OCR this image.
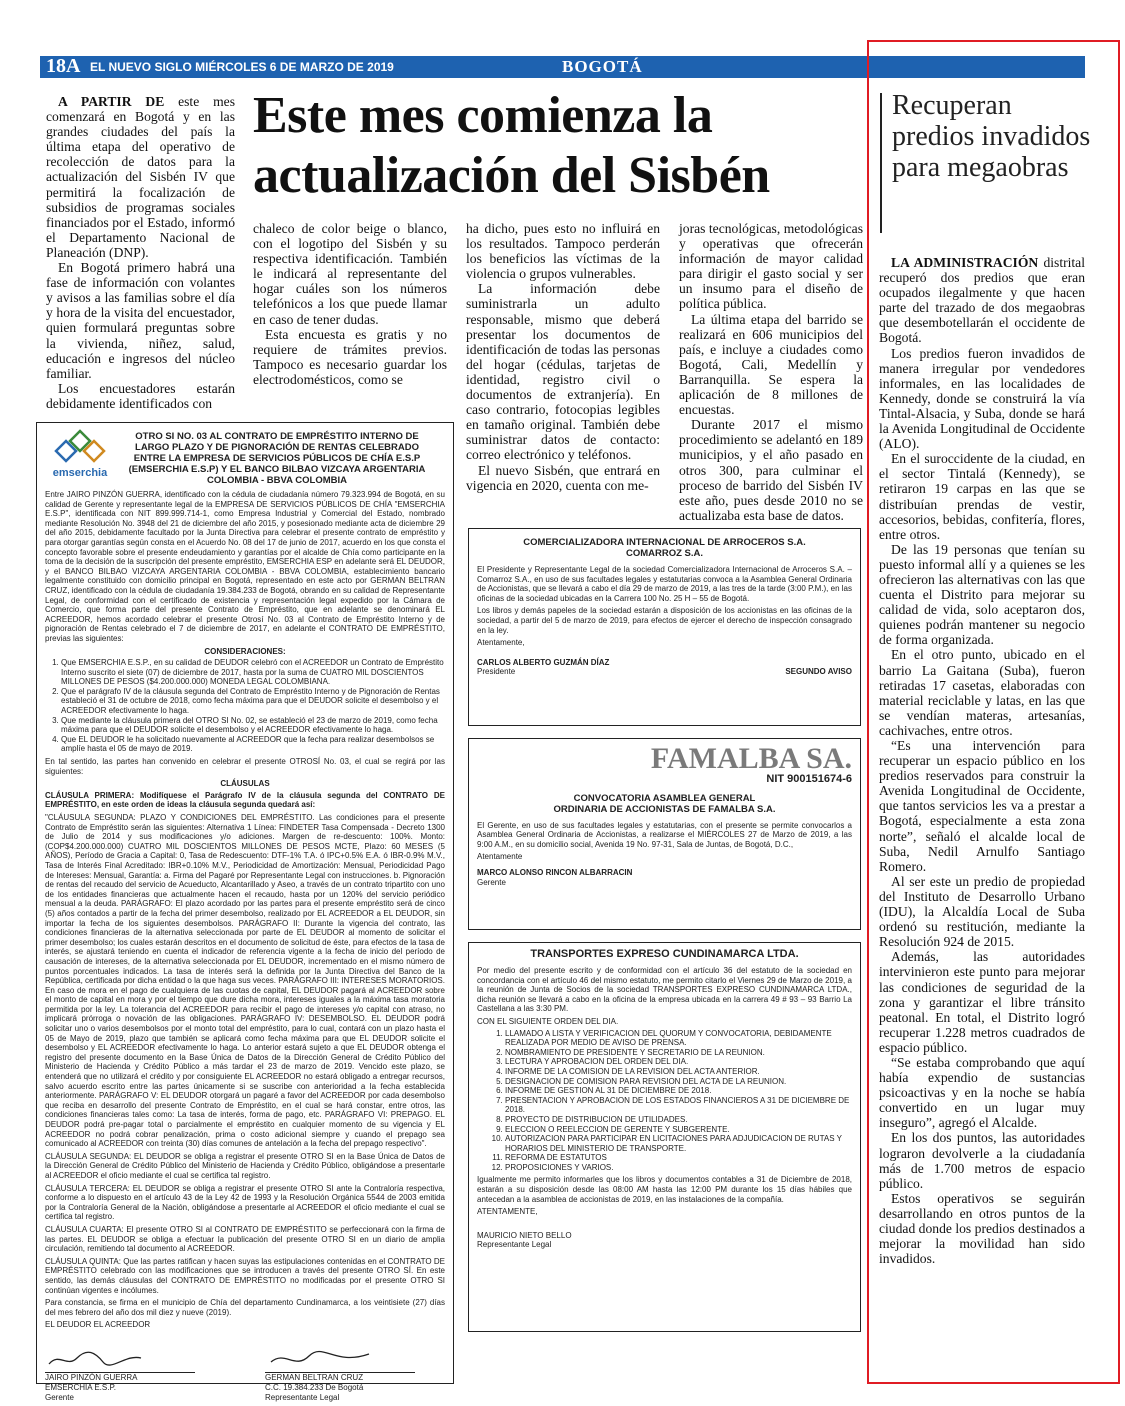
18A EL NUEVO SIGLO MIÉRCOLES 6 DE MARZO DE 2019	BOGOTÁ

A PARTIR DE este mes comenzará en Bogotá y en las grandes ciudades del país la última etapa del operativo de recolección de datos para la actualización del Sisbén IV que permitirá la focalización de subsidios de programas sociales financiados por el Estado, informó el Departamento Nacional de Planeación (DNP).

En Bogotá primero habrá una fase de información con volantes y avisos a las familias sobre el día y hora de la visita del encuestador, quien formulará preguntas sobre la vivienda, niñez, salud, educación e ingresos del núcleo familiar.

Los encuestadores estarán debidamente identificados con

Este mes comienza la actualización del Sisbén

chaleco de color beige o blanco, con el logotipo del Sisbén y su respectiva identificación. También le indicará al representante del hogar cuáles son los números telefónicos a los que puede llamar en caso de tener dudas.

Esta encuesta es gratis y no requiere de trámites previos. Tampoco es necesario guardar los electrodomésticos, como se

ha dicho, pues esto no influirá en los resultados. Tampoco perderán los beneficios las víctimas de la violencia o grupos vulnerables.

La información debe suministrarla un adulto responsable, mismo que deberá presentar los documentos de identificación de todas las personas del hogar (cédulas, tarjetas de identidad, registro civil o documentos de extranjería). En caso contrario, fotocopias legibles en tamaño original. También debe suministrar datos de contacto: correo electrónico y teléfonos.

El nuevo Sisbén, que entrará en vigencia en 2020, cuenta con me-

joras tecnológicas, metodológicas y operativas que ofrecerán información de mayor calidad para dirigir el gasto social y ser un insumo para el diseño de política pública.

La última etapa del barrido se realizará en 606 municipios del país, e incluye a ciudades como Bogotá, Cali, Medellín y Barranquilla. Se espera la aplicación de 8 millones de encuestas.

Durante 2017 el mismo procedimiento se adelantó en 189 municipios, y el año pasado en otros 300, para culminar el proceso de barrido del Sisbén IV este año, pues desde 2010 no se actualizaba esta base de datos.

emserchia
OTRO SI NO. 03 AL CONTRATO DE EMPRÉSTITO INTERNO DE LARGO PLAZO Y DE PIGNORACIÓN DE RENTAS CELEBRADO ENTRE LA EMPRESA DE SERVICIOS PÚBLICOS DE CHÍA E.S.P (EMSERCHIA E.S.P) Y EL BANCO BILBAO VIZCAYA ARGENTARIA COLOMBIA - BBVA COLOMBIA

Entre JAIRO PINZÓN GUERRA, identificado con la cédula de ciudadanía número 79.323.994 de Bogotá, en su calidad de Gerente y representante legal de la EMPRESA DE SERVICIOS PÚBLICOS DE CHÍA "EMSERCHIA E.S.P", identificada con NIT 899.999.714-1, como Empresa Industrial y Comercial del Estado, nombrado mediante Resolución No. 3948 del 21 de diciembre del año 2015, y posesionado mediante acta de diciembre 29 del año 2015, debidamente facultado por la Junta Directiva para celebrar el presente contrato de empréstito y para otorgar garantías según consta en el Acuerdo No. 08 del 17 de junio de 2017, acuerdo en los que consta el concepto favorable sobre el presente endeudamiento y garantías por el alcalde de Chía como participante en la toma de la decisión de la suscripción del presente empréstito, EMSERCHIA ESP en adelante será EL DEUDOR, y el BANCO BILBAO VIZCAYA ARGENTARIA COLOMBIA - BBVA COLOMBIA, establecimiento bancario legalmente constituido con domicilio principal en Bogotá, representado en este acto por GERMAN BELTRAN CRUZ, identificado con la cédula de ciudadanía 19.384.233 de Bogotá, obrando en su calidad de Representante Legal, de conformidad con el certificado de existencia y representación legal expedido por la Cámara de Comercio, que forma parte del presente Contrato de Empréstito, que en adelante se denominará EL ACREEDOR, hemos acordado celebrar el presente Otrosí No. 03 al Contrato de Empréstito Interno y de pignoración de Rentas celebrado el 7 de diciembre de 2017, en adelante el CONTRATO DE EMPRÉSTITO, previas las siguientes:

CONSIDERACIONES:
1. Que EMSERCHIA E.S.P., en su calidad de DEUDOR celebró con el ACREEDOR un Contrato de Empréstito Interno suscrito el siete (07) de diciembre de 2017, hasta por la suma de CUATRO MIL DOSCIENTOS MILLONES DE PESOS ($4.200.000.000) MONEDA LEGAL COLOMBIANA.
2. Que el parágrafo IV de la cláusula segunda del Contrato de Empréstito Interno y de Pignoración de Rentas estableció el 31 de octubre de 2018, como fecha máxima para que el DEUDOR solicite el desembolso y el ACREEDOR efectivamente lo haga.
3. Que mediante la cláusula primera del OTRO SI No. 02, se estableció el 23 de marzo de 2019, como fecha máxima para que el DEUDOR solicite el desembolso y el ACREEDOR efectivamente lo haga.
4. Que EL DEUDOR le ha solicitado nuevamente al ACREEDOR que la fecha para realizar desembolsos se amplíe hasta el 05 de mayo de 2019.

En tal sentido, las partes han convenido en celebrar el presente OTROSÍ No. 03, el cual se regirá por las siguientes:

CLÁUSULAS

CLÁUSULA PRIMERA: Modifíquese el Parágrafo IV de la cláusula segunda del CONTRATO DE EMPRÉSTITO, en este orden de ideas la cláusula segunda quedará así:

"CLÁUSULA SEGUNDA: PLAZO Y CONDICIONES DEL EMPRÉSTITO. Las condiciones para el presente Contrato de Empréstito serán las siguientes: Alternativa 1 Línea: FINDETER Tasa Compensada - Decreto 1300 de Julio de 2014 y sus modificaciones y/o adiciones. Margen de re-descuento: 100%. Monto: (COP$4.200.000.000) CUATRO MIL DOSCIENTOS MILLONES DE PESOS MCTE, Plazo: 60 MESES (5 AÑOS), Período de Gracia a Capital: 0, Tasa de Redescuento: DTF-1% T.A. ó IPC+0.5% E.A. ó IBR-0.9% M.V., Tasa de Interés Final Acreditado: IBR+0.10% M.V., Periodicidad de Amortización: Mensual, Periodicidad Pago de Intereses: Mensual, Garantía: a. Firma del Pagaré por Representante Legal con instrucciones. b. Pignoración de rentas del recaudo del servicio de Acueducto, Alcantarillado y Aseo, a través de un contrato tripartito con uno de los entidades financieras que actualmente hacen el recaudo, hasta por un 120% del servicio periódico mensual a la deuda. PARÁGRAFO: El plazo acordado por las partes para el presente empréstito será de cinco (5) años contados a partir de la fecha del primer desembolso, realizado por EL ACREEDOR a EL DEUDOR, sin importar la fecha de los siguientes desembolsos. PARÁGRAFO II: Durante la vigencia del contrato, las condiciones financieras de la alternativa seleccionada por parte de EL DEUDOR al momento de solicitar el primer desembolso; los cuales estarán descritos en el documento de solicitud de éste, para efectos de la tasa de interés, se ajustará teniendo en cuenta el indicador de referencia vigente a la fecha de inicio del período de causación de intereses, de la alternativa seleccionada por EL DEUDOR, incrementado en el mismo número de puntos porcentuales indicados. La tasa de interés será la definida por la Junta Directiva del Banco de la República, certificada por dicha entidad o la que haga sus veces. PARÁGRAFO III: INTERESES MORATORIOS. En caso de mora en el pago de cualquiera de las cuotas de capital, EL DEUDOR pagará al ACREEDOR sobre el monto de capital en mora y por el tiempo que dure dicha mora, intereses iguales a la máxima tasa moratoria permitida por la ley. La tolerancia del ACREEDOR para recibir el pago de intereses y/o capital con atraso, no implicará prórroga o novación de las obligaciones. PARÁGRAFO IV: DESEMBOLSO. EL DEUDOR podrá solicitar uno o varios desembolsos por el monto total del empréstito, para lo cual, contará con un plazo hasta el 05 de Mayo de 2019, plazo que también se aplicará como fecha máxima para que EL DEUDOR solicite el desembolso y EL ACREEDOR efectivamente lo haga. Lo anterior estará sujeto a que EL DEUDOR obtenga el registro del presente documento en la Base Única de Datos de la Dirección General de Crédito Público del Ministerio de Hacienda y Crédito Público a más tardar el 23 de marzo de 2019. Vencido este plazo, se entenderá que no utilizará el crédito y por consiguiente EL ACREEDOR no estará obligado a entregar recursos, salvo acuerdo escrito entre las partes únicamente si se suscribe con anterioridad a la fecha establecida anteriormente. PARÁGRAFO V: EL DEUDOR otorgará un pagaré a favor del ACREEDOR por cada desembolso que reciba en desarrollo del presente Contrato de Empréstito, en el cual se hará constar, entre otros, las condiciones financieras tales como: La tasa de interés, forma de pago, etc. PARÁGRAFO VI: PREPAGO. EL DEUDOR podrá pre-pagar total o parcialmente el empréstito en cualquier momento de su vigencia y EL ACREEDOR no podrá cobrar penalización, prima o costo adicional siempre y cuando el prepago sea comunicado al ACREEDOR con treinta (30) días comunes de antelación a la fecha del prepago respectivo".

CLÁUSULA SEGUNDA: EL DEUDOR se obliga a registrar el presente OTRO SI en la Base Única de Datos de la Dirección General de Crédito Público del Ministerio de Hacienda y Crédito Público, obligándose a presentarle al ACREEDOR el oficio mediante el cual se certifica tal registro.

CLÁUSULA TERCERA: EL DEUDOR se obliga a registrar el presente OTRO SI ante la Contraloría respectiva, conforme a lo dispuesto en el artículo 43 de la Ley 42 de 1993 y la Resolución Orgánica 5544 de 2003 emitida por la Contraloría General de la Nación, obligándose a presentarle al ACREEDOR el oficio mediante el cual se certifica tal registro.

CLÁUSULA CUARTA: El presente OTRO SI al CONTRATO DE EMPRÉSTITO se perfeccionará con la firma de las partes. EL DEUDOR se obliga a efectuar la publicación del presente OTRO SI en un diario de amplia circulación, remitiendo tal documento al ACREEDOR.

CLÁUSULA QUINTA: Que las partes ratifican y hacen suyas las estipulaciones contenidas en el CONTRATO DE EMPRÉSTITO celebrado con las modificaciones que se introducen a través del presente OTRO SÍ. En este sentido, las demás cláusulas del CONTRATO DE EMPRÉSTITO no modificadas por el presente OTRO SI continúan vigentes e incólumes.

Para constancia, se firma en el municipio de Chía del departamento Cundinamarca, a los veintisiete (27) días del mes febrero del año dos mil diez y nueve (2019).

EL DEUDOR EL ACREEDOR

JAIRO PINZÓN GUERRA
EMSERCHIA E.S.P.
Gerente
GERMAN BELTRAN CRUZ
C.C. 19.384.233 De Bogotá
Representante Legal
COMERCIALIZADORA INTERNACIONAL DE ARROCEROS S.A. COMARROZ S.A.

El Presidente y Representante Legal de la sociedad Comercializadora Internacional de Arroceros S.A. – Comarroz S.A., en uso de sus facultades legales y estatutarias convoca a la Asamblea General Ordinaria de Accionistas, que se llevará a cabo el día 29 de marzo de 2019, a las tres de la tarde (3:00 P.M.), en las oficinas de la sociedad ubicadas en la Carrera 100 No. 25 H – 55 de Bogotá.

Los libros y demás papeles de la sociedad estarán a disposición de los accionistas en las oficinas de la sociedad, a partir del 5 de marzo de 2019, para efectos de ejercer el derecho de inspección consagrado en la ley.

Atentamente,

CARLOS ALBERTO GUZMÁN DÍAZ
Presidente	SEGUNDO AVISO
FAMALBA SA.
NIT 900151674-6
CONVOCATORIA ASAMBLEA GENERAL ORDINARIA DE ACCIONISTAS DE FAMALBA S.A.

El Gerente, en uso de sus facultades legales y estatutarias, con el presente se permite convocarlos a Asamblea General Ordinaria de Accionistas, a realizarse el MIÉRCOLES 27 de Marzo de 2019, a las 9:00 A.M., en su domicilio social, Avenida 19 No. 97-31, Sala de Juntas, de Bogotá, D.C.,

Atentamente

MARCO ALONSO RINCON ALBARRACIN
Gerente
TRANSPORTES EXPRESO CUNDINAMARCA LTDA.

Por medio del presente escrito y de conformidad con el artículo 36 del estatuto de la sociedad en concordancia con el artículo 46 del mismo estatuto, me permito citarlo el Viernes 29 de Marzo de 2019, a la reunión de Junta de Socios de la sociedad TRANSPORTES EXPRESO CUNDINAMARCA LTDA., dicha reunión se llevará a cabo en la oficina de la empresa ubicada en la carrera 49 # 93 – 93 Barrio La Castellana a las 3:30 PM.

CON EL SIGUIENTE ORDEN DEL DIA.
1. LLAMADO A LISTA Y VERIFICACION DEL QUORUM Y CONVOCATORIA, DEBIDAMENTE REALIZADA POR MEDIO DE AVISO DE PRENSA.
2. NOMBRAMIENTO DE PRESIDENTE Y SECRETARIO DE LA REUNION.
3. LECTURA Y APROBACION DEL ORDEN DEL DIA.
4. INFORME DE LA COMISION DE LA REVISION DEL ACTA ANTERIOR.
5. DESIGNACION DE COMISION PARA REVISION DEL ACTA DE LA REUNION.
6. INFORME DE GESTION AL 31 DE DICIEMBRE DE 2018.
7. PRESENTACION Y APROBACION DE LOS ESTADOS FINANCIEROS A 31 DE DICIEMBRE DE 2018.
8. PROYECTO DE DISTRIBUCION DE UTILIDADES.
9. ELECCION O REELECCION DE GERENTE Y SUBGERENTE.
10. AUTORIZACION PARA PARTICIPAR EN LICITACIONES PARA ADJUDICACION DE RUTAS Y HORARIOS DEL MINISTERIO DE TRANSPORTE.
11. REFORMA DE ESTATUTOS
12. PROPOSICIONES Y VARIOS.

Igualmente me permito informarles que los libros y documentos contables a 31 de Diciembre de 2018, estarán a su disposición desde las 08:00 AM hasta las 12:00 PM durante los 15 días hábiles que antecedan a la asamblea de accionistas de 2019, en las instalaciones de la compañía.

ATENTAMENTE,

MAURICIO NIETO BELLO
Representante Legal
Recuperan predios invadidos para megaobras

LA ADMINISTRACIÓN distrital recuperó dos predios que eran ocupados ilegalmente y que hacen parte del trazado de dos megaobras que desembotellarán el occidente de Bogotá.

Los predios fueron invadidos de manera irregular por vendedores informales, en las localidades de Kennedy, donde se construirá la vía Tintal-Alsacia, y Suba, donde se hará la Avenida Longitudinal de Occidente (ALO).

En el suroccidente de la ciudad, en el sector Tintalá (Kennedy), se retiraron 19 carpas en las que se distribuían prendas de vestir, accesorios, bebidas, confitería, flores, entre otros.

De las 19 personas que tenían su puesto informal allí y a quienes se les ofrecieron las alternativas con las que cuenta el Distrito para mejorar su calidad de vida, solo aceptaron dos, quienes podrán mantener su negocio de forma organizada.

En el otro punto, ubicado en el barrio La Gaitana (Suba), fueron retiradas 17 casetas, elaboradas con material reciclable y latas, en las que se vendían materas, artesanías, cachivaches, entre otros.

“Es una intervención para recuperar un espacio público en los predios reservados para construir la Avenida Longitudinal de Occidente, que tantos servicios les va a prestar a Bogotá, especialmente a esta zona norte”, señaló el alcalde local de Suba, Nedil Arnulfo Santiago Romero.

Al ser este un predio de propiedad del Instituto de Desarrollo Urbano (IDU), la Alcaldía Local de Suba ordenó su restitución, mediante la Resolución 924 de 2015.

Además, las autoridades intervinieron este punto para mejorar las condiciones de seguridad de la zona y garantizar el libre tránsito peatonal. En total, el Distrito logró recuperar 1.228 metros cuadrados de espacio público.

“Se estaba comprobando que aquí había expendio de sustancias psicoactivas y en la noche se había convertido en un lugar muy inseguro”, agregó el Alcalde.

En los dos puntos, las autoridades lograron devolverle a la ciudadanía más de 1.700 metros de espacio público.

Estos operativos se seguirán desarrollando en otros puntos de la ciudad donde los predios destinados a mejorar la movilidad han sido invadidos.
